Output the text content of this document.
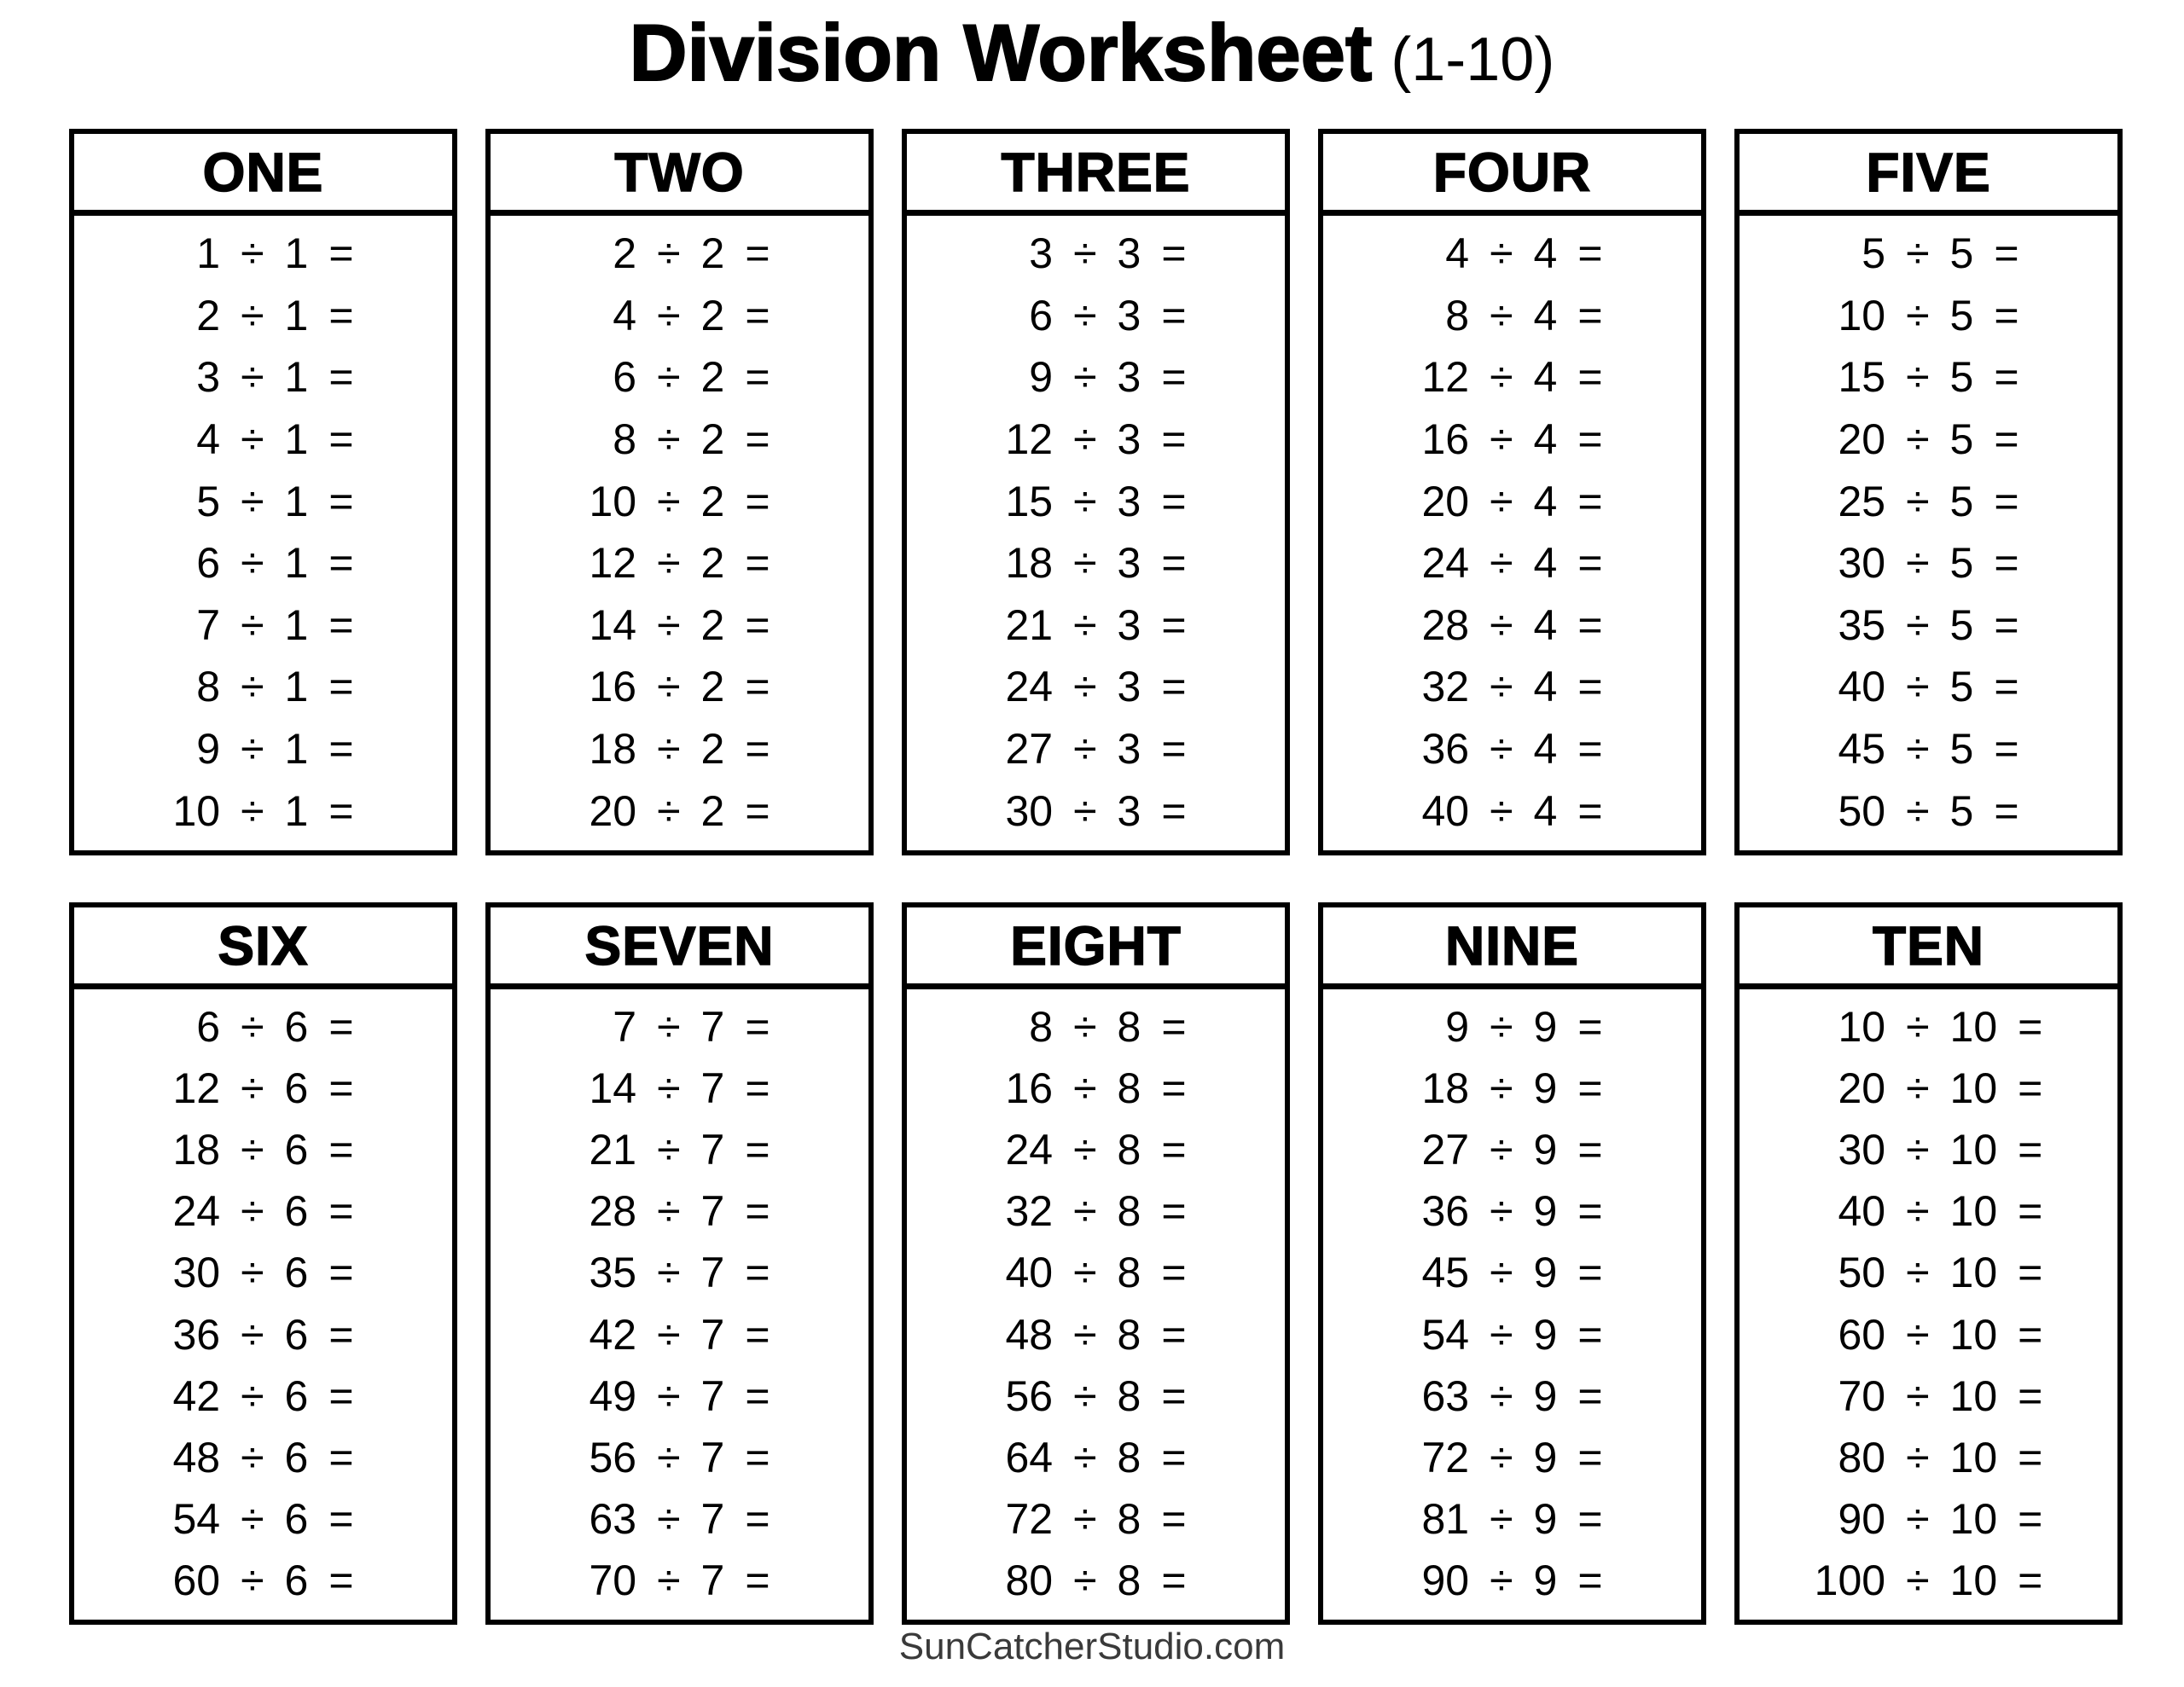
Division Worksheet (1-10)
ONE
1 ÷ 1 =
2 ÷ 1 =
3 ÷ 1 =
4 ÷ 1 =
5 ÷ 1 =
6 ÷ 1 =
7 ÷ 1 =
8 ÷ 1 =
9 ÷ 1 =
10 ÷ 1 =
TWO
2 ÷ 2 =
4 ÷ 2 =
6 ÷ 2 =
8 ÷ 2 =
10 ÷ 2 =
12 ÷ 2 =
14 ÷ 2 =
16 ÷ 2 =
18 ÷ 2 =
20 ÷ 2 =
THREE
3 ÷ 3 =
6 ÷ 3 =
9 ÷ 3 =
12 ÷ 3 =
15 ÷ 3 =
18 ÷ 3 =
21 ÷ 3 =
24 ÷ 3 =
27 ÷ 3 =
30 ÷ 3 =
FOUR
4 ÷ 4 =
8 ÷ 4 =
12 ÷ 4 =
16 ÷ 4 =
20 ÷ 4 =
24 ÷ 4 =
28 ÷ 4 =
32 ÷ 4 =
36 ÷ 4 =
40 ÷ 4 =
FIVE
5 ÷ 5 =
10 ÷ 5 =
15 ÷ 5 =
20 ÷ 5 =
25 ÷ 5 =
30 ÷ 5 =
35 ÷ 5 =
40 ÷ 5 =
45 ÷ 5 =
50 ÷ 5 =
SIX
6 ÷ 6 =
12 ÷ 6 =
18 ÷ 6 =
24 ÷ 6 =
30 ÷ 6 =
36 ÷ 6 =
42 ÷ 6 =
48 ÷ 6 =
54 ÷ 6 =
60 ÷ 6 =
SEVEN
7 ÷ 7 =
14 ÷ 7 =
21 ÷ 7 =
28 ÷ 7 =
35 ÷ 7 =
42 ÷ 7 =
49 ÷ 7 =
56 ÷ 7 =
63 ÷ 7 =
70 ÷ 7 =
EIGHT
8 ÷ 8 =
16 ÷ 8 =
24 ÷ 8 =
32 ÷ 8 =
40 ÷ 8 =
48 ÷ 8 =
56 ÷ 8 =
64 ÷ 8 =
72 ÷ 8 =
80 ÷ 8 =
NINE
9 ÷ 9 =
18 ÷ 9 =
27 ÷ 9 =
36 ÷ 9 =
45 ÷ 9 =
54 ÷ 9 =
63 ÷ 9 =
72 ÷ 9 =
81 ÷ 9 =
90 ÷ 9 =
TEN
10 ÷ 10 =
20 ÷ 10 =
30 ÷ 10 =
40 ÷ 10 =
50 ÷ 10 =
60 ÷ 10 =
70 ÷ 10 =
80 ÷ 10 =
90 ÷ 10 =
100 ÷ 10 =
SunCatcherStudio.com
